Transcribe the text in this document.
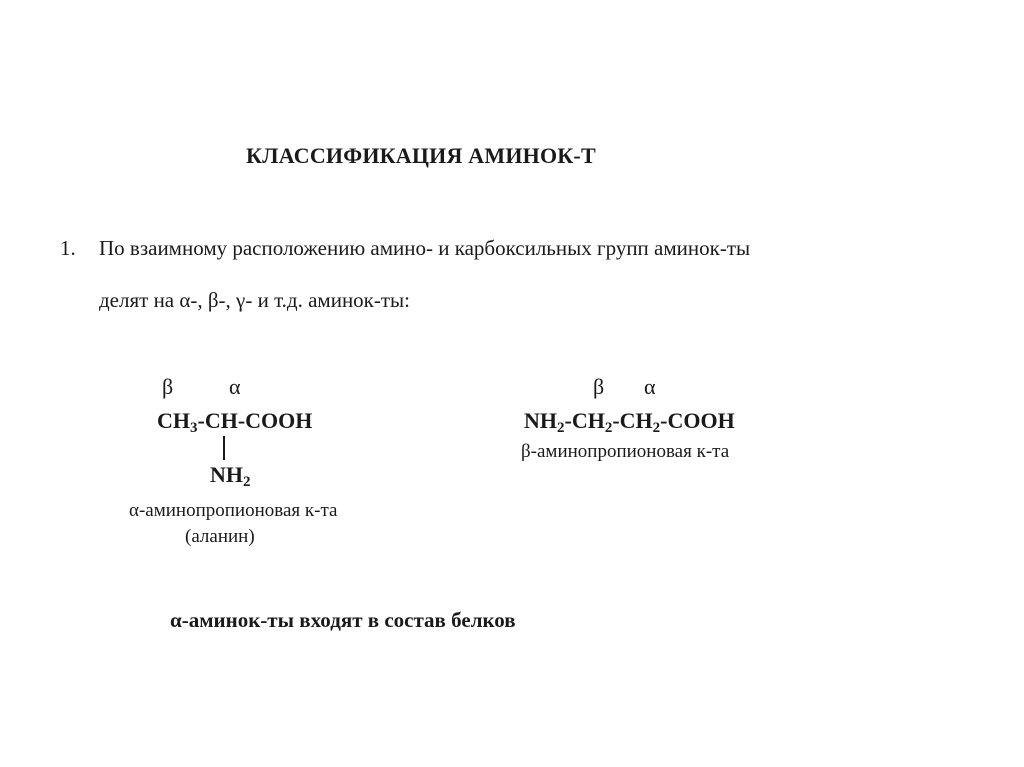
КЛАССИФИКАЦИЯ АМИНОК-Т
1. По взаимному расположению амино- и карбоксильных групп аминок-ты
делят на α-, β-, γ- и т.д. аминок-ты:
β	α
$CH_3-CH$-COOH
$NH_2$
α-аминопропионовая к-та
(аланин)
β α
$NH_2-CH_2-CH_2$-COOH
β-аминопропионовая к-та
α-аминок-ты входят в состав белков
